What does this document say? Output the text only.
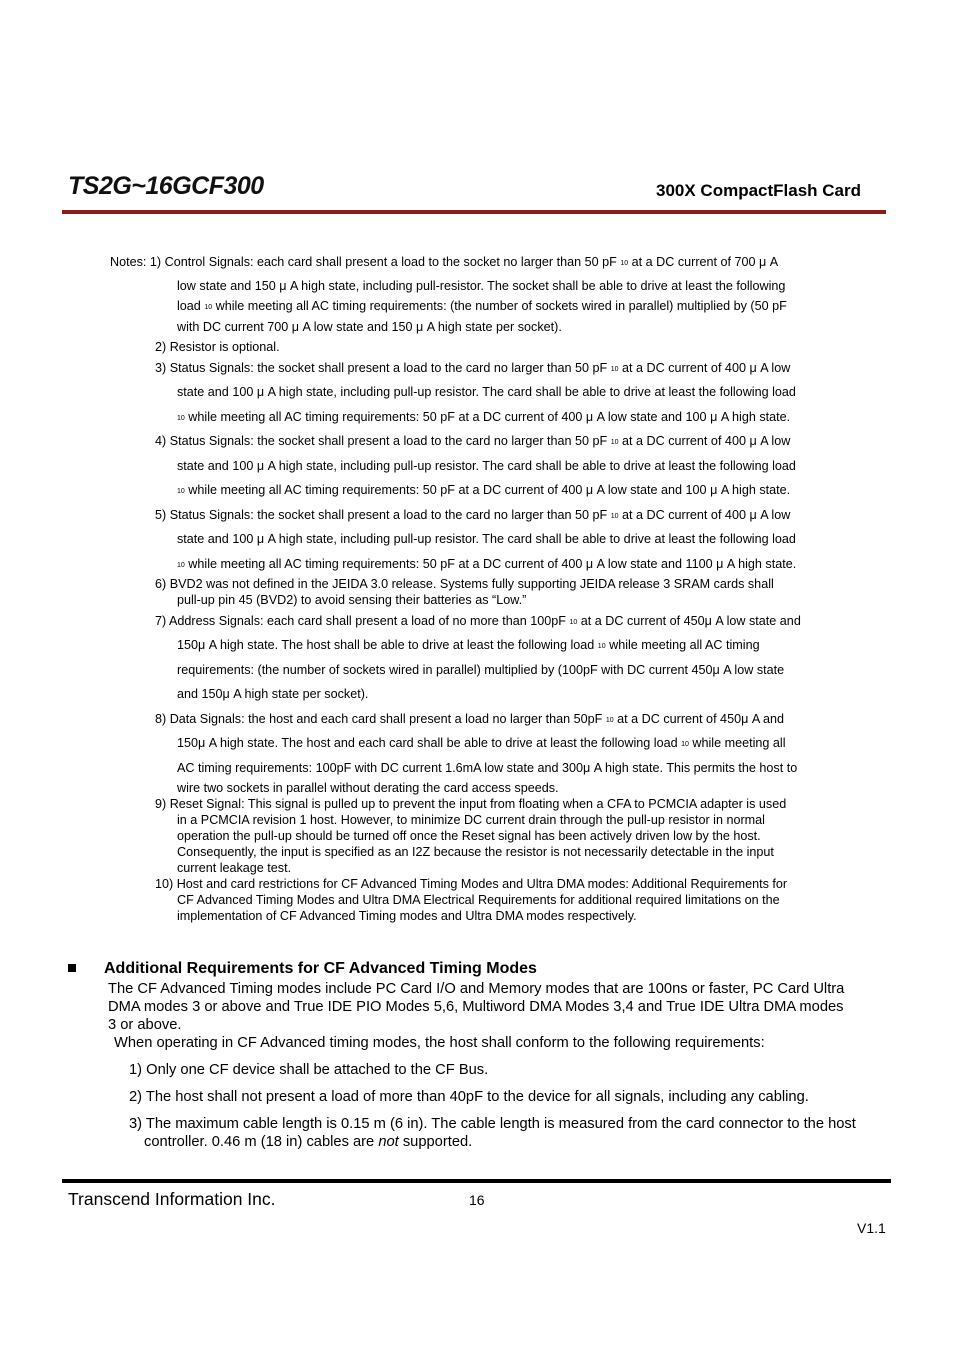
TS2G~16GCF300	300X CompactFlash Card
Notes: 1) Control Signals: each card shall present a load to the socket no larger than 50 pF $_{10}$ at a DC current of 700 μ A
low state and 150 μ A high state, including pull-resistor. The socket shall be able to drive at least the following
load $_{10}$ while meeting all AC timing requirements: (the number of sockets wired in parallel) multiplied by (50 pF
with DC current 700 μ A low state and 150 μ A high state per socket).
2) Resistor is optional.
3) Status Signals: the socket shall present a load to the card no larger than 50 pF $_{10}$ at a DC current of 400 μ A low
state and 100 μ A high state, including pull-up resistor. The card shall be able to drive at least the following load
$_{10}$ while meeting all AC timing requirements: 50 pF at a DC current of 400 μ A low state and 100 μ A high state.
4) Status Signals: the socket shall present a load to the card no larger than 50 pF $_{10}$ at a DC current of 400 μ A low
state and 100 μ A high state, including pull-up resistor. The card shall be able to drive at least the following load
$_{10}$ while meeting all AC timing requirements: 50 pF at a DC current of 400 μ A low state and 100 μ A high state.
5) Status Signals: the socket shall present a load to the card no larger than 50 pF $_{10}$ at a DC current of 400 μ A low
state and 100 μ A high state, including pull-up resistor. The card shall be able to drive at least the following load
$_{10}$ while meeting all AC timing requirements: 50 pF at a DC current of 400 μ A low state and 1100 μ A high state.
6) BVD2 was not defined in the JEIDA 3.0 release. Systems fully supporting JEIDA release 3 SRAM cards shall
pull-up pin 45 (BVD2) to avoid sensing their batteries as “Low.”
7) Address Signals: each card shall present a load of no more than 100pF $_{10}$ at a DC current of 450μ A low state and
150μ A high state. The host shall be able to drive at least the following load $_{10}$ while meeting all AC timing
requirements: (the number of sockets wired in parallel) multiplied by (100pF with DC current 450μ A low state
and 150μ A high state per socket).
8) Data Signals: the host and each card shall present a load no larger than 50pF $_{10}$ at a DC current of 450μ A and
150μ A high state. The host and each card shall be able to drive at least the following load $_{10}$ while meeting all
AC timing requirements: 100pF with DC current 1.6mA low state and 300μ A high state. This permits the host to
wire two sockets in parallel without derating the card access speeds.
9) Reset Signal: This signal is pulled up to prevent the input from floating when a CFA to PCMCIA adapter is used
in a PCMCIA revision 1 host. However, to minimize DC current drain through the pull-up resistor in normal
operation the pull-up should be turned off once the Reset signal has been actively driven low by the host.
Consequently, the input is specified as an I2Z because the resistor is not necessarily detectable in the input
current leakage test.
10) Host and card restrictions for CF Advanced Timing Modes and Ultra DMA modes: Additional Requirements for
CF Advanced Timing Modes and Ultra DMA Electrical Requirements for additional required limitations on the
implementation of CF Advanced Timing modes and Ultra DMA modes respectively.
Additional Requirements for CF Advanced Timing Modes
The CF Advanced Timing modes include PC Card I/O and Memory modes that are 100ns or faster, PC Card Ultra
DMA modes 3 or above and True IDE PIO Modes 5,6, Multiword DMA Modes 3,4 and True IDE Ultra DMA modes
3 or above.
When operating in CF Advanced timing modes, the host shall conform to the following requirements:
1) Only one CF device shall be attached to the CF Bus.
2) The host shall not present a load of more than 40pF to the device for all signals, including any cabling.
3) The maximum cable length is 0.15 m (6 in). The cable length is measured from the card connector to the host
controller. 0.46 m (18 in) cables are not supported.
Transcend Information Inc.	16
V1.1
